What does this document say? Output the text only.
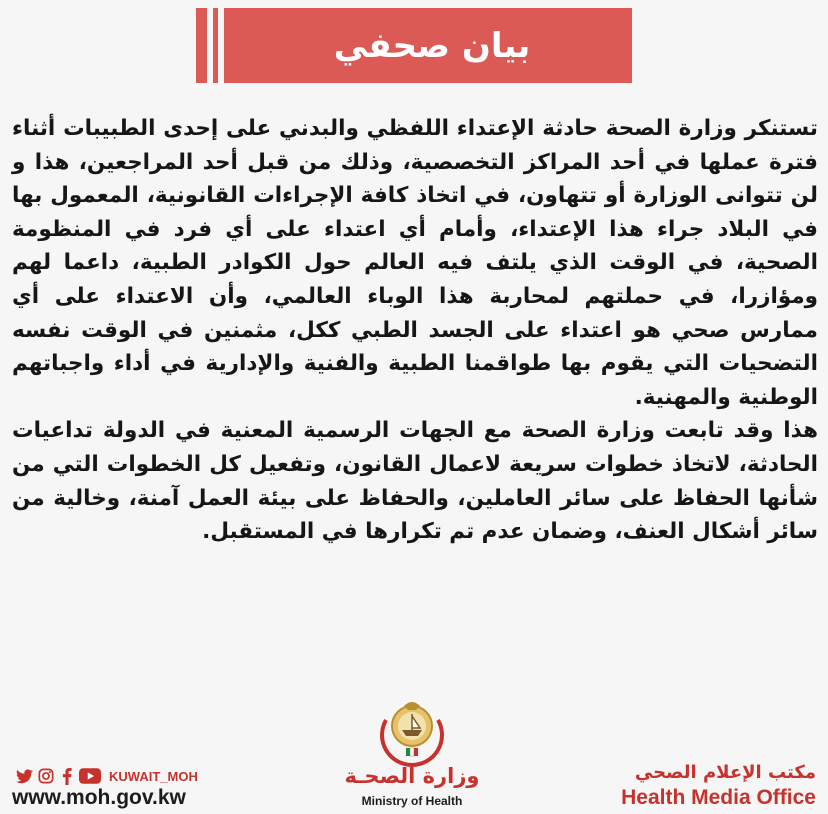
بيان صحفي

تستنكر وزارة الصحة حادثة الإعتداء اللفظي والبدني على إحدى الطبيبات أثناء فترة عملها في أحد المراكز التخصصية، وذلك من قبل أحد المراجعين، هذا و لن تتوانى الوزارة أو تتهاون، في اتخاذ كافة الإجراءات القانونية، المعمول بها في البلاد جراء هذا الإعتداء، وأمام أي اعتداء على أي فرد في المنظومة الصحية، في الوقت الذي يلتف فيه العالم حول الكوادر الطبية، داعما لهم ومؤازرا، في حملتهم لمحاربة هذا الوباء العالمي، وأن الاعتداء على أي ممارس صحي هو اعتداء على الجسد الطبي ككل، مثمنين في الوقت نفسه التضحيات التي يقوم بها طواقمنا الطبية والفنية والإدارية في أداء واجباتهم الوطنية والمهنية.
هذا وقد تابعت وزارة الصحة مع الجهات الرسمية المعنية في الدولة تداعيات الحادثة، لاتخاذ خطوات سريعة لاعمال القانون، وتفعيل كل الخطوات التي من شأنها الحفاظ على سائر العاملين، والحفاظ على بيئة العمل آمنة، وخالية من سائر أشكال العنف، وضمان عدم تم تكرارها في المستقبل.

وزارة الصحـة
Ministry of Health
مكتب الإعلام الصحي
Health Media Office
KUWAIT_MOH
www.moh.gov.kw
